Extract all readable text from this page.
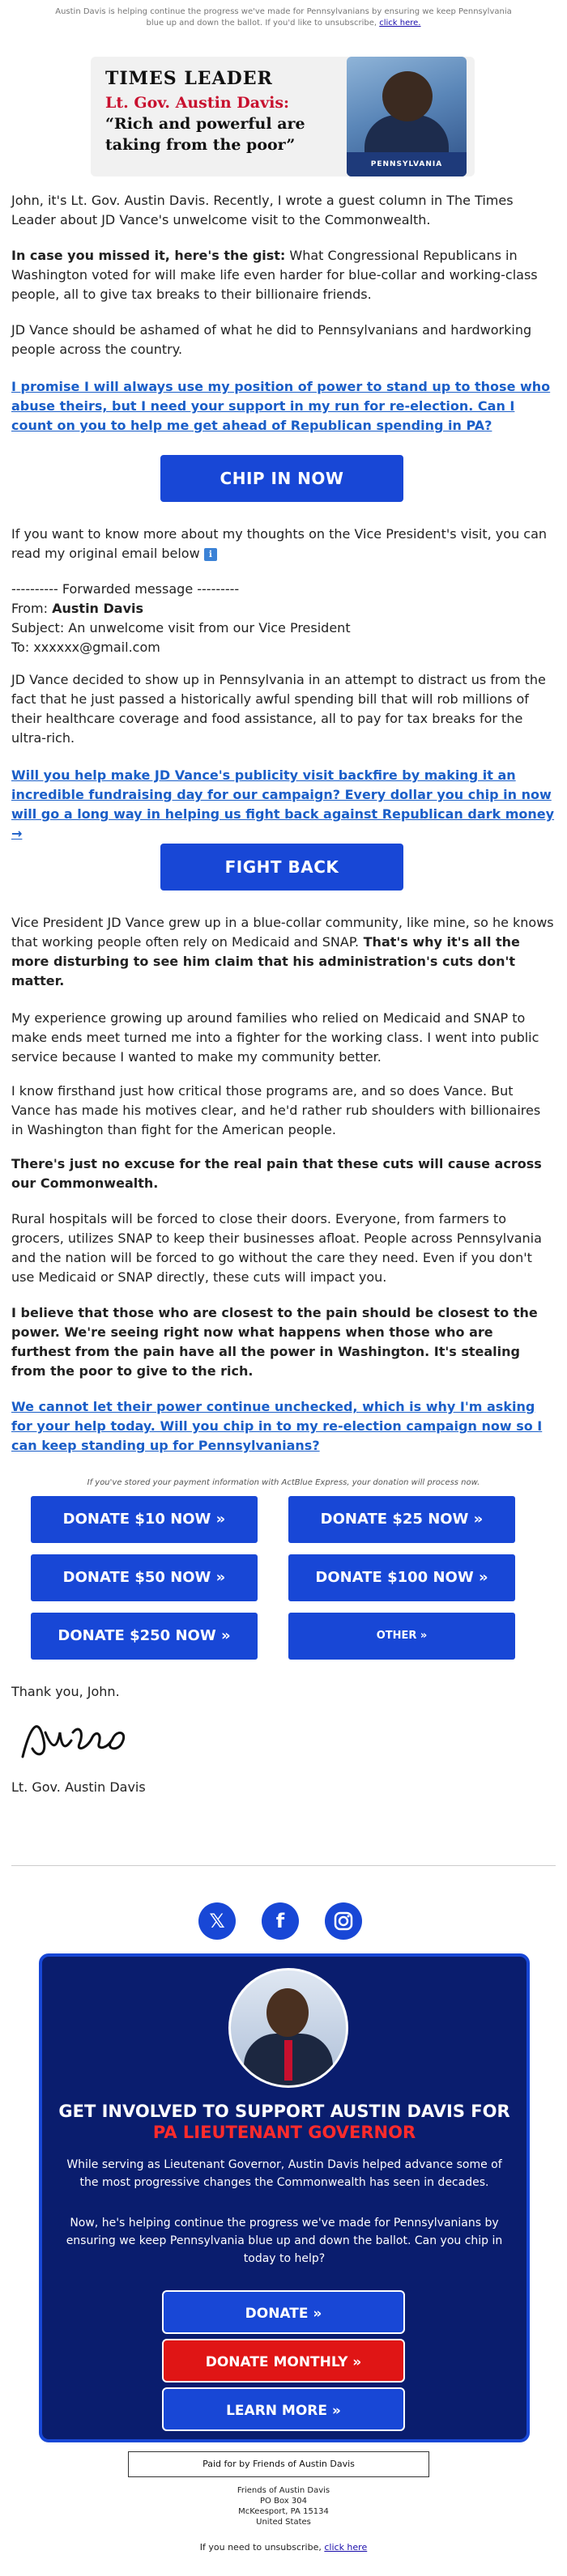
Austin Davis is helping continue the progress we've made for Pennsylvanians by ensuring we keep Pennsylvania blue up and down the ballot. If you'd like to unsubscribe, click here.
TIMES LEADER
Lt. Gov. Austin Davis: “Rich and powerful are taking from the poor”
PENNSYLVANIA

John, it's Lt. Gov. Austin Davis. Recently, I wrote a guest column in The Times Leader about JD Vance's unwelcome visit to the Commonwealth.

In case you missed it, here's the gist: What Congressional Republicans in Washington voted for will make life even harder for blue-collar and working-class people, all to give tax breaks to their billionaire friends.

JD Vance should be ashamed of what he did to Pennsylvanians and hardworking people across the country.

I promise I will always use my position of power to stand up to those who abuse theirs, but I need your support in my run for re-election. Can I count on you to help me get ahead of Republican spending in PA?

CHIP IN NOW

If you want to know more about my thoughts on the Vice President's visit, you can read my original email below ℹ

---------- Forwarded message ---------

From: Austin Davis

Subject: An unwelcome visit from our Vice President

To: xxxxxx@gmail.com

JD Vance decided to show up in Pennsylvania in an attempt to distract us from the fact that he just passed a historically awful spending bill that will rob millions of their healthcare coverage and food assistance, all to pay for tax breaks for the ultra-rich.

Will you help make JD Vance's publicity visit backfire by making it an incredible fundraising day for our campaign? Every dollar you chip in now will go a long way in helping us fight back against Republican dark money →

FIGHT BACK

Vice President JD Vance grew up in a blue-collar community, like mine, so he knows that working people often rely on Medicaid and SNAP. That's why it's all the more disturbing to see him claim that his administration's cuts don't matter.

My experience growing up around families who relied on Medicaid and SNAP to make ends meet turned me into a fighter for the working class. I went into public service because I wanted to make my community better.

I know firsthand just how critical those programs are, and so does Vance. But Vance has made his motives clear, and he'd rather rub shoulders with billionaires in Washington than fight for the American people.

There's just no excuse for the real pain that these cuts will cause across our Commonwealth.

Rural hospitals will be forced to close their doors. Everyone, from farmers to grocers, utilizes SNAP to keep their businesses afloat. People across Pennsylvania and the nation will be forced to go without the care they need. Even if you don't use Medicaid or SNAP directly, these cuts will impact you.

I believe that those who are closest to the pain should be closest to the power. We're seeing right now what happens when those who are furthest from the pain have all the power in Washington. It's stealing from the poor to give to the rich.

We cannot let their power continue unchecked, which is why I'm asking for your help today. Will you chip in to my re-election campaign now so I can keep standing up for Pennsylvanians?

If you've stored your payment information with ActBlue Express, your donation will process now.
DONATE $10 NOW »	DONATE $25 NOW »
DONATE $50 NOW »	DONATE $100 NOW »
DONATE $250 NOW »	OTHER »

Thank you, John.

Lt. Gov. Austin Davis

𝕏	f
GET INVOLVED TO SUPPORT AUSTIN DAVIS FOR
PA LIEUTENANT GOVERNOR
While serving as Lieutenant Governor, Austin Davis helped advance some of the most progressive changes the Commonwealth has seen in decades.
Now, he's helping continue the progress we've made for Pennsylvanians by ensuring we keep Pennsylvania blue up and down the ballot. Can you chip in today to help?
DONATE »
DONATE MONTHLY »
LEARN MORE »
Paid for by Friends of Austin Davis
Friends of Austin Davis
PO Box 304
McKeesport, PA 15134
United States
If you need to unsubscribe, click here
